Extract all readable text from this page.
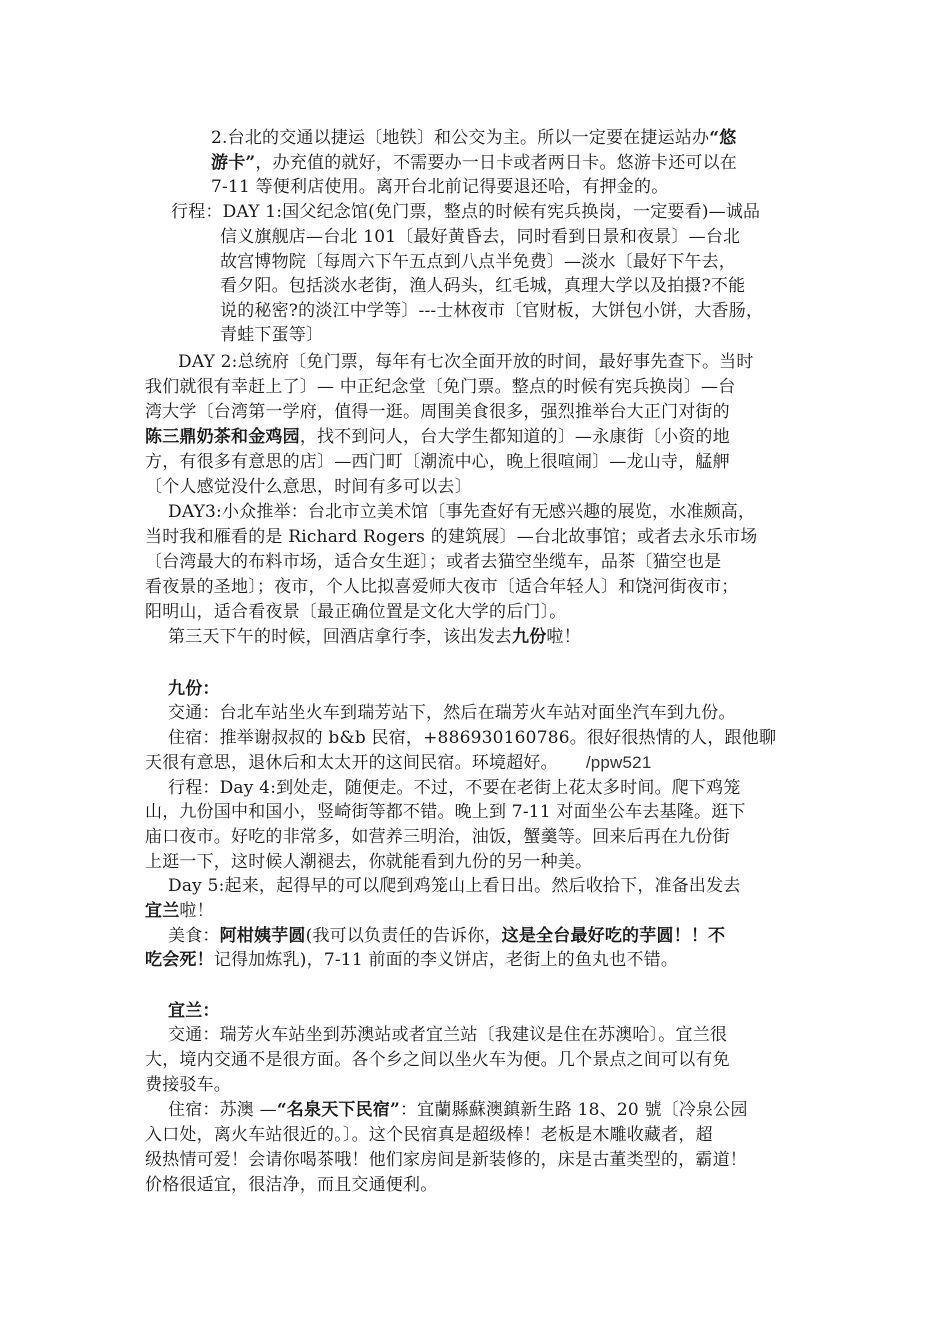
2.台北的交通以捷运〔地铁〕和公交为主。所以一定要在捷运站办“悠
游卡”，办充值的就好，不需要办一日卡或者两日卡。悠游卡还可以在
7-11 等便利店使用。离开台北前记得要退还哈，有押金的。
行程：DAY 1:国父纪念馆(免门票，整点的时候有宪兵换岗，一定要看)—诚品
信义旗舰店—台北 101〔最好黄昏去，同时看到日景和夜景〕—台北
故宫博物院〔每周六下午五点到八点半免费〕—淡水〔最好下午去，
看夕阳。包括淡水老街，渔人码头，红毛城，真理大学以及拍摄?不能
说的秘密?的淡江中学等〕---士林夜市〔官财板，大饼包小饼，大香肠，
青蛙下蛋等〕
DAY 2:总统府〔免门票，每年有七次全面开放的时间，最好事先查下。当时
我们就很有幸赶上了〕— 中正纪念堂〔免门票。整点的时候有宪兵换岗〕—台
湾大学〔台湾第一学府，值得一逛。周围美食很多，强烈推举台大正门对街的
陈三鼎奶茶和金鸡园，找不到问人，台大学生都知道的〕—永康街〔小资的地
方，有很多有意思的店〕—西门町〔潮流中心，晚上很喧闹〕—龙山寺，艋舺
〔个人感觉没什么意思，时间有多可以去〕
DAY3:小众推举：台北市立美术馆〔事先查好有无感兴趣的展览，水准颇高，
当时我和雁看的是 Richard Rogers 的建筑展〕—台北故事馆；或者去永乐市场
〔台湾最大的布料市场，适合女生逛〕；或者去猫空坐缆车，品茶〔猫空也是
看夜景的圣地〕；夜市，个人比拟喜爱师大夜市〔适合年轻人〕和饶河街夜市；
阳明山，适合看夜景〔最正确位置是文化大学的后门〕。
第三天下午的时候，回酒店拿行李，该出发去九份啦！
九份：
交通：台北车站坐火车到瑞芳站下，然后在瑞芳火车站对面坐汽车到九份。
住宿：推举谢叔叔的 b&b 民宿，+886930160786。很好很热情的人，跟他聊
天很有意思，退休后和太太开的这间民宿。环境超好。 /ppw521
行程：Day 4:到处走，随便走。不过，不要在老街上花太多时间。爬下鸡笼
山，九份国中和国小，竖崎街等都不错。晚上到 7-11 对面坐公车去基隆。逛下
庙口夜市。好吃的非常多，如营养三明治，油饭，蟹羹等。回来后再在九份街
上逛一下，这时候人潮褪去，你就能看到九份的另一种美。
Day 5:起来，起得早的可以爬到鸡笼山上看日出。然后收拾下，准备出发去
宜兰啦！
美食：阿柑姨芋圆(我可以负责任的告诉你，这是全台最好吃的芋圆！！不
吃会死！记得加炼乳)，7-11 前面的李义饼店，老街上的鱼丸也不错。
宜兰：
交通：瑞芳火车站坐到苏澳站或者宜兰站〔我建议是住在苏澳哈〕。宜兰很
大，境内交通不是很方面。各个乡之间以坐火车为便。几个景点之间可以有免
费接驳车。
住宿：苏澳 —“名泉天下民宿”：宜蘭縣蘇澳鎮新生路 18、20 號〔冷泉公园
入口处，离火车站很近的。〕。这个民宿真是超级棒！老板是木雕收藏者，超
级热情可爱！会请你喝茶哦！他们家房间是新装修的，床是古董类型的，霸道！
价格很适宜，很洁净，而且交通便利。
